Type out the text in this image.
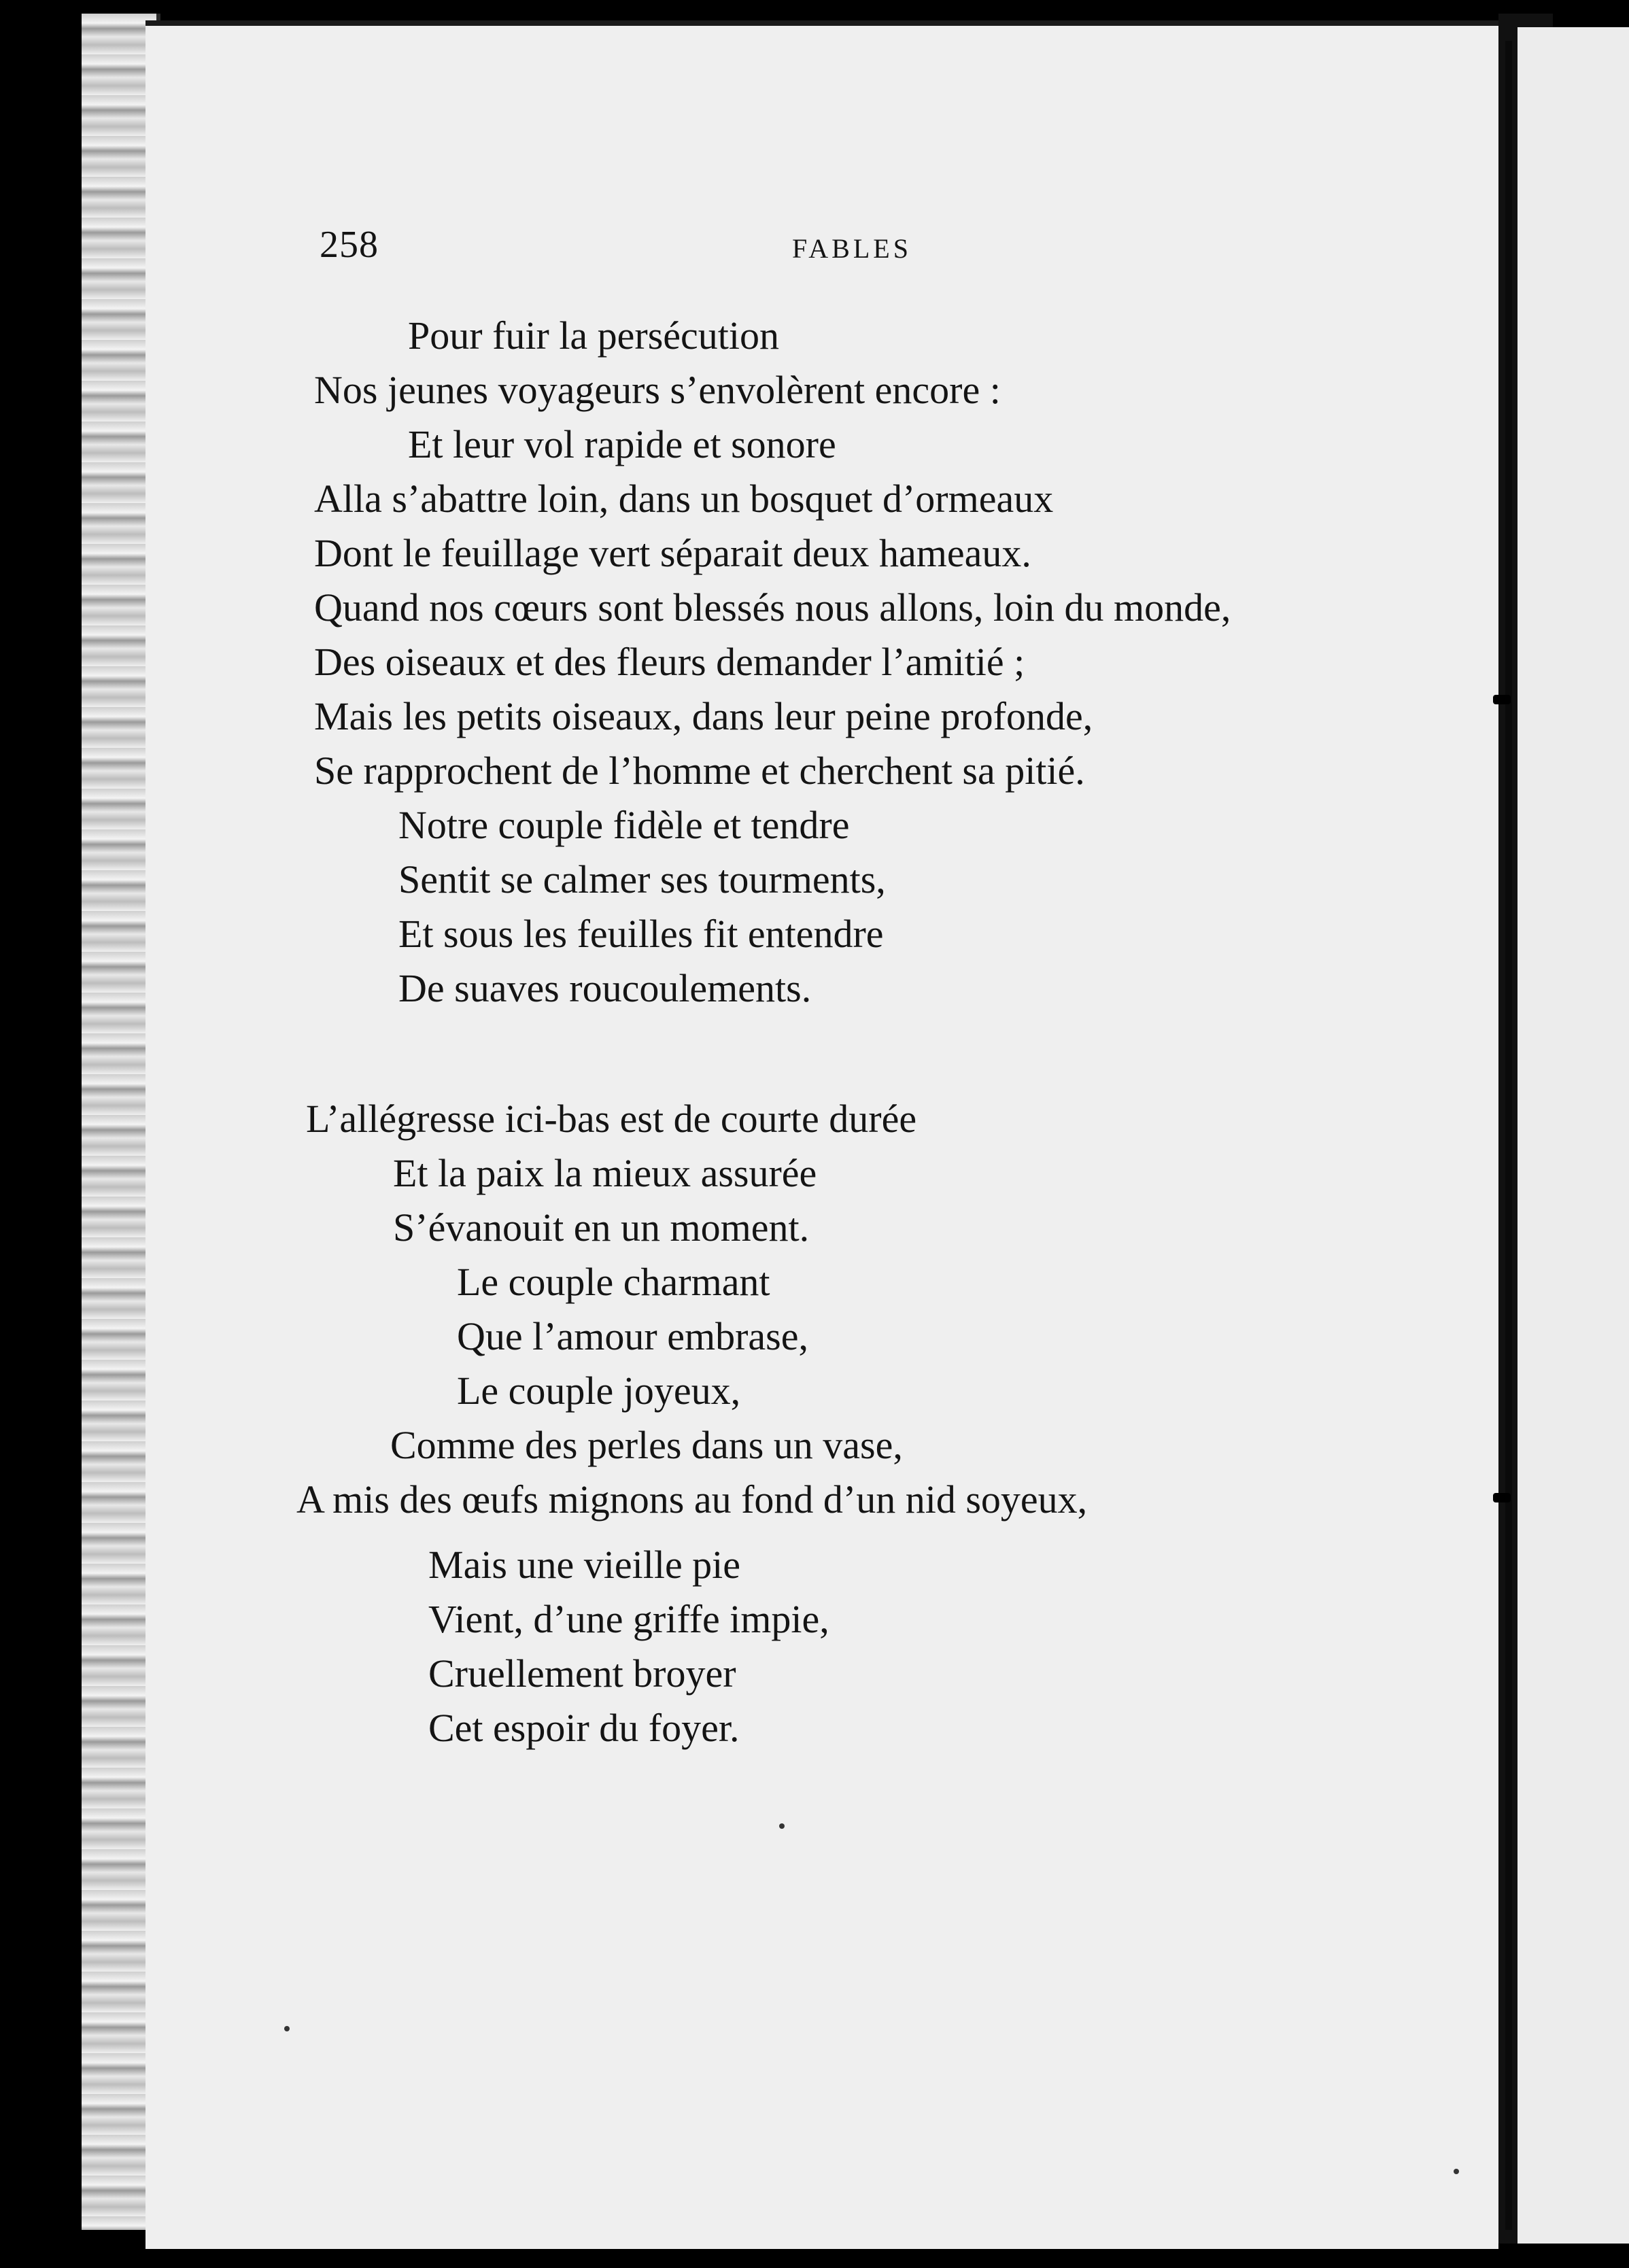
258	FABLES
Pour fuir la persécution
Nos jeunes voyageurs s’envolèrent encore :
Et leur vol rapide et sonore
Alla s’abattre loin, dans un bosquet d’ormeaux
Dont le feuillage vert séparait deux hameaux.
Quand nos cœurs sont blessés nous allons, loin du monde,
Des oiseaux et des fleurs demander l’amitié ;
Mais les petits oiseaux, dans leur peine profonde,
Se rapprochent de l’homme et cherchent sa pitié.
Notre couple fidèle et tendre
Sentit se calmer ses tourments,
Et sous les feuilles fit entendre
De suaves roucoulements.
L’allégresse ici-bas est de courte durée
Et la paix la mieux assurée
S’évanouit en un moment.
Le couple charmant
Que l’amour embrase,
Le couple joyeux,
Comme des perles dans un vase,
A mis des œufs mignons au fond d’un nid soyeux,
Mais une vieille pie
Vient, d’une griffe impie,
Cruellement broyer
Cet espoir du foyer.
